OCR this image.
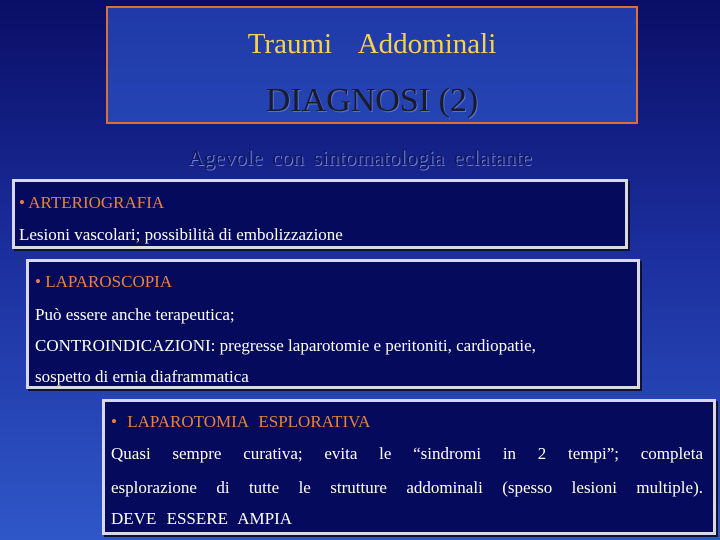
Traumi Addominali
DIAGNOSI (2)
Agevole con sintomatologia eclatante
• ARTERIOGRAFIA
Lesioni vascolari; possibilità di embolizzazione
• LAPAROSCOPIA
Può essere anche terapeutica;
CONTROINDICAZIONI: pregresse laparotomie e peritoniti, cardiopatie,
sospetto di ernia diaframmatica
• LAPAROTOMIA ESPLORATIVA
Quasi sempre curativa; evita le “sindromi in 2 tempi”; completa
esplorazione di tutte le strutture addominali (spesso lesioni multiple).
DEVE ESSERE AMPIA
